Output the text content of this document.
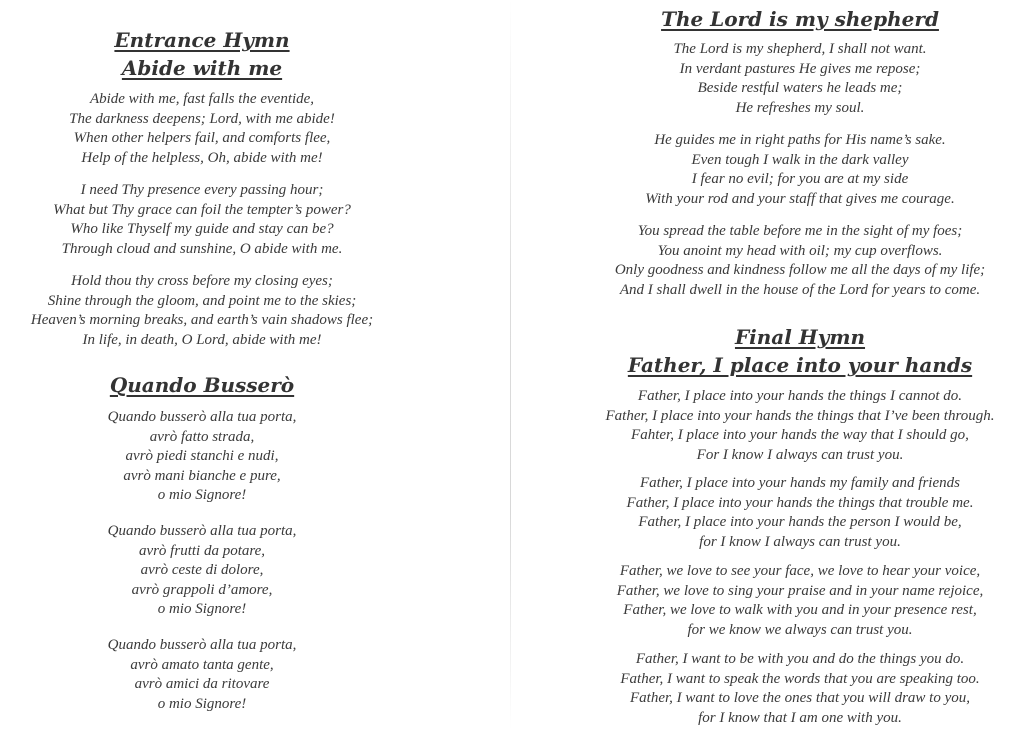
Entrance Hymn
Abide with me
Abide with me, fast falls the eventide,
The darkness deepens; Lord, with me abide!
When other helpers fail, and comforts flee,
Help of the helpless, Oh, abide with me!
I need Thy presence every passing hour;
What but Thy grace can foil the tempter’s power?
Who like Thyself my guide and stay can be?
Through cloud and sunshine, O abide with me.
Hold thou thy cross before my closing eyes;
Shine through the gloom, and point me to the skies;
Heaven’s morning breaks, and earth’s vain shadows flee;
In life, in death, O Lord, abide with me!
Quando Busserò
Quando busserò alla tua porta,
avrò fatto strada,
avrò piedi stanchi e nudi,
avrò mani bianche e pure,
o mio Signore!
Quando busserò alla tua porta,
avrò frutti da potare,
avrò ceste di dolore,
avrò grappoli d’amore,
o mio Signore!
Quando busserò alla tua porta,
avrò amato tanta gente,
avrò amici da ritovare
o mio Signore!
The Lord is my shepherd
The Lord is my shepherd, I shall not want.
In verdant pastures He gives me repose;
Beside restful waters he leads me;
He refreshes my soul.
He guides me in right paths for His name’s sake.
Even tough I walk in the dark valley
I fear no evil; for you are at my side
With your rod and your staff that gives me courage.
You spread the table before me in the sight of my foes;
You anoint my head with oil; my cup overflows.
Only goodness and kindness follow me all the days of my life;
And I shall dwell in the house of the Lord for years to come.
Final Hymn
Father, I place into your hands
Father, I place into your hands the things I cannot do.
Father, I place into your hands the things that I’ve been through.
Fahter, I place into your hands the way that I should go,
For I know I always can trust you.
Father, I place into your hands my family and friends
Father, I place into your hands the things that trouble me.
Father, I place into your hands the person I would be,
for I know I always can trust you.
Father, we love to see your face, we love to hear your voice,
Father, we love to sing your praise and in your name rejoice,
Father, we love to walk with you and in your presence rest,
for we know we always can trust you.
Father, I want to be with you and do the things you do.
Father, I want to speak the words that you are speaking too.
Father, I want to love the ones that you will draw to you,
for I know that I am one with you.
